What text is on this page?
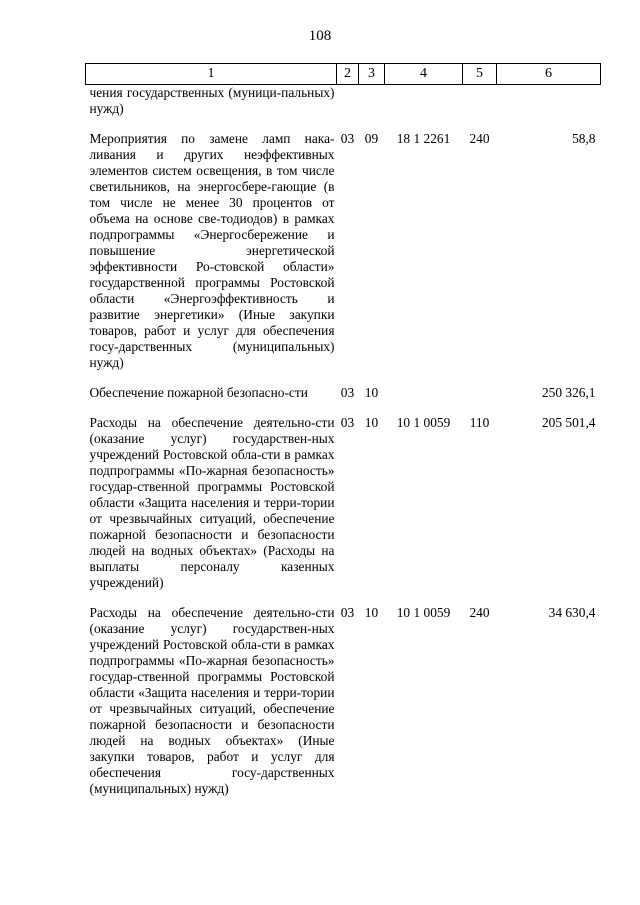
108
1	2	3	4	5	6
чения государственных (муници-пальных) нужд)					
Мероприятия по замене ламп нака-ливания и других неэффективных элементов систем освещения, в том числе светильников, на энергосбере-гающие (в том числе не менее 30 процентов от объема на основе све-тодиодов) в рамках подпрограммы «Энергосбережение и повышение энергетической эффективности Ро-стовской области» государственной программы Ростовской области «Энергоэффективность и развитие энергетики» (Иные закупки товаров, работ и услуг для обеспечения госу-дарственных (муниципальных) нужд)	03	09	18 1 2261	240	58,8
Обеспечение пожарной безопасно-сти	03	10			250 326,1
Расходы на обеспечение деятельно-сти (оказание услуг) государствен-ных учреждений Ростовской обла-сти в рамках подпрограммы «По-жарная безопасность» государ-ственной программы Ростовской области «Защита населения и терри-тории от чрезвычайных ситуаций, обеспечение пожарной безопасности и безопасности людей на водных объектах» (Расходы на выплаты персоналу казенных учреждений)	03	10	10 1 0059	110	205 501,4
Расходы на обеспечение деятельно-сти (оказание услуг) государствен-ных учреждений Ростовской обла-сти в рамках подпрограммы «По-жарная безопасность» государ-ственной программы Ростовской области «Защита населения и терри-тории от чрезвычайных ситуаций, обеспечение пожарной безопасности и безопасности людей на водных объектах» (Иные закупки товаров, работ и услуг для обеспечения госу-дарственных (муниципальных) нужд)	03	10	10 1 0059	240	34 630,4
